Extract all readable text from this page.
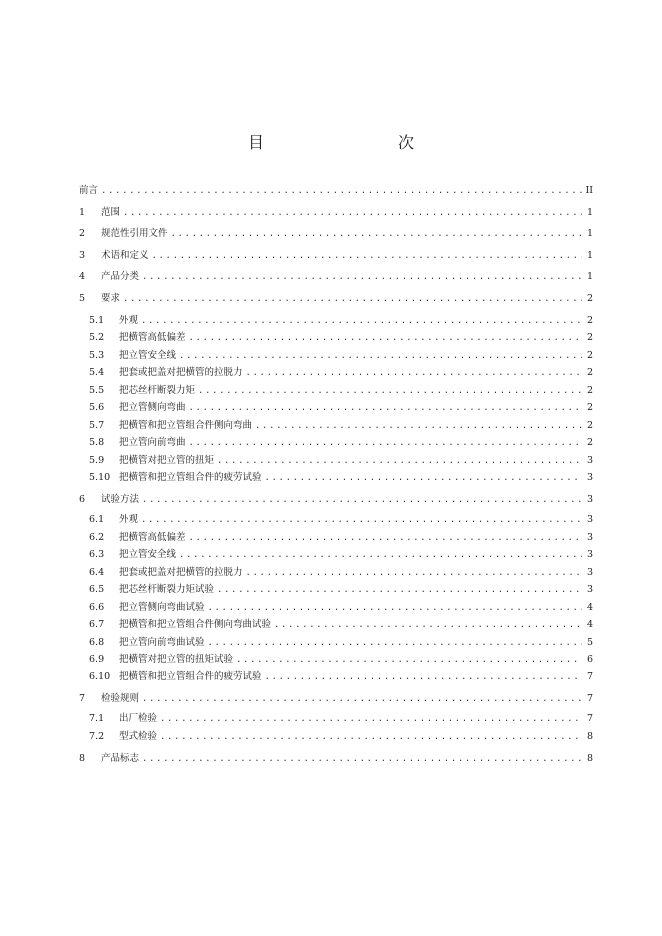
目　　次
前言 .....	II
1	范围 .....	1
2	规范性引用文件 .....	1
3	术语和定义 .....	1
4	产品分类 .....	1
5	要求 .....	2
5.1	外观 .....	2
5.2	把横管高低偏差 .....	2
5.3	把立管安全线 .....	2
5.4	把套或把盖对把横管的拉脱力 .....	2
5.5	把芯丝杆断裂力矩 .....	2
5.6	把立管侧向弯曲 .....	2
5.7	把横管和把立管组合件侧向弯曲 .....	2
5.8	把立管向前弯曲 .....	2
5.9	把横管对把立管的扭矩 .....	3
5.10 把横管和把立管组合件的疲劳试验 .....	3
6	试验方法 .....	3
6.1	外观 .....	3
6.2	把横管高低偏差 .....	3
6.3	把立管安全线 .....	3
6.4	把套或把盖对把横管的拉脱力 .....	3
6.5	把芯丝杆断裂力矩试验 .....	3
6.6	把立管侧向弯曲试验 .....	4
6.7	把横管和把立管组合件侧向弯曲试验 .....	4
6.8	把立管向前弯曲试验 .....	5
6.9	把横管对把立管的扭矩试验 .....	6
6.10 把横管和把立管组合件的疲劳试验 .....	7
7	检验规则 .....	7
7.1	出厂检验 .....	7
7.2	型式检验 .....	8
8	产品标志 .....	8
